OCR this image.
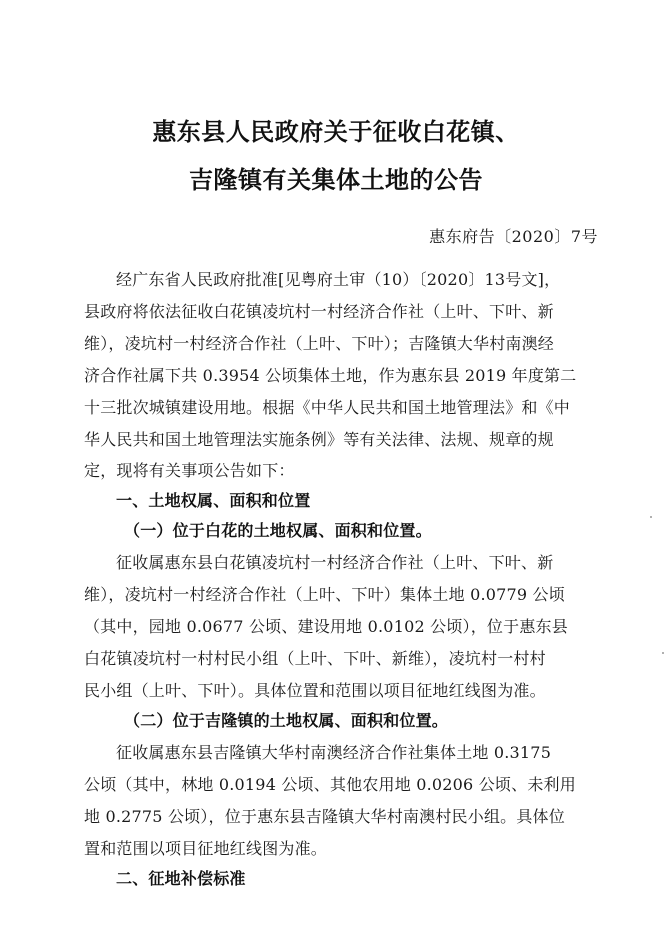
惠东县人民政府关于征收白花镇、
吉隆镇有关集体土地的公告
惠东府告〔2020〕7号
经广东省人民政府批准[见粤府土审（10）〔2020〕13号文]，
县政府将依法征收白花镇凌坑村一村经济合作社（上叶、下叶、新
维），凌坑村一村经济合作社（上叶、下叶）；吉隆镇大华村南澳经
济合作社属下共 0.3954 公顷集体土地，作为惠东县 2019 年度第二
十三批次城镇建设用地。根据《中华人民共和国土地管理法》和《中
华人民共和国土地管理法实施条例》等有关法律、法规、规章的规
定，现将有关事项公告如下：
一、土地权属、面积和位置
（一）位于白花的土地权属、面积和位置。
征收属惠东县白花镇凌坑村一村经济合作社（上叶、下叶、新
维），凌坑村一村经济合作社（上叶、下叶）集体土地 0.0779 公顷
（其中，园地 0.0677 公顷、建设用地 0.0102 公顷），位于惠东县
白花镇凌坑村一村村民小组（上叶、下叶、新维），凌坑村一村村
民小组（上叶、下叶）。具体位置和范围以项目征地红线图为准。
（二）位于吉隆镇的土地权属、面积和位置。
征收属惠东县吉隆镇大华村南澳经济合作社集体土地 0.3175
公顷（其中，林地 0.0194 公顷、其他农用地 0.0206 公顷、未利用
地 0.2775 公顷），位于惠东县吉隆镇大华村南澳村民小组。具体位
置和范围以项目征地红线图为准。
二、征地补偿标准
